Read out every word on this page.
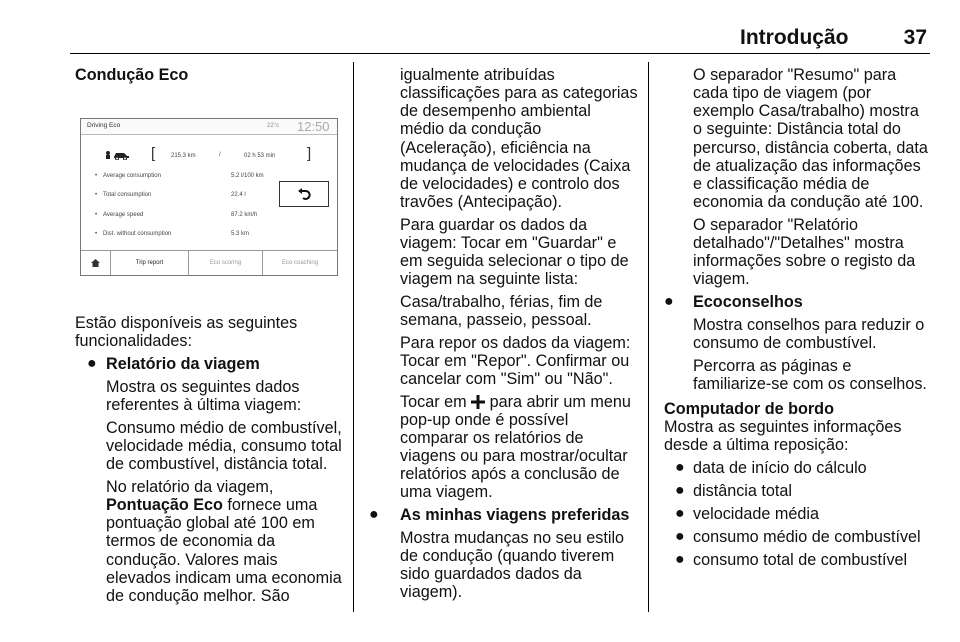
Introdução	37
Condução Eco
Driving Eco	22°c 12:50
[	215.3 km	/	02 h 53 min ]
• Average consumption	5.2 l/100 km
• Total consumption	22.4 l
• Average speed	87.2 km/h
• Dist. without consumption	5.3 km
Trip report	Eco scoring	Eco coaching
Estão disponíveis as seguintes
funcionalidades:
● Relatório da viagem
Mostra os seguintes dados
referentes à última viagem:
Consumo médio de combustível,
velocidade média, consumo total
de combustível, distância total.
No relatório da viagem,
Pontuação Eco fornece uma
pontuação global até 100 em
termos de economia da
condução. Valores mais
elevados indicam uma economia
de condução melhor. São
igualmente atribuídas
classificações para as categorias
de desempenho ambiental
médio da condução
(Aceleração), eficiência na
mudança de velocidades (Caixa
de velocidades) e controlo dos
travões (Antecipação).
Para guardar os dados da
viagem: Tocar em "Guardar" e
em seguida selecionar o tipo de
viagem na seguinte lista:
Casa/trabalho, férias, fim de
semana, passeio, pessoal.
Para repor os dados da viagem:
Tocar em "Repor". Confirmar ou
cancelar com "Sim" ou "Não".
Tocar em  para abrir um menu
pop-up onde é possível
comparar os relatórios de
viagens ou para mostrar/ocultar
relatórios após a conclusão de
uma viagem.
● As minhas viagens preferidas
Mostra mudanças no seu estilo
de condução (quando tiverem
sido guardados dados da
viagem).
O separador "Resumo" para
cada tipo de viagem (por
exemplo Casa/trabalho) mostra
o seguinte: Distância total do
percurso, distância coberta, data
de atualização das informações
e classificação média de
economia da condução até 100.
O separador "Relatório
detalhado"/"Detalhes" mostra
informações sobre o registo da
viagem.
● Ecoconselhos
Mostra conselhos para reduzir o
consumo de combustível.
Percorra as páginas e
familiarize-se com os conselhos.
Computador de bordo
Mostra as seguintes informações
desde a última reposição:
● data de início do cálculo
● distância total
● velocidade média
● consumo médio de combustível
● consumo total de combustível
